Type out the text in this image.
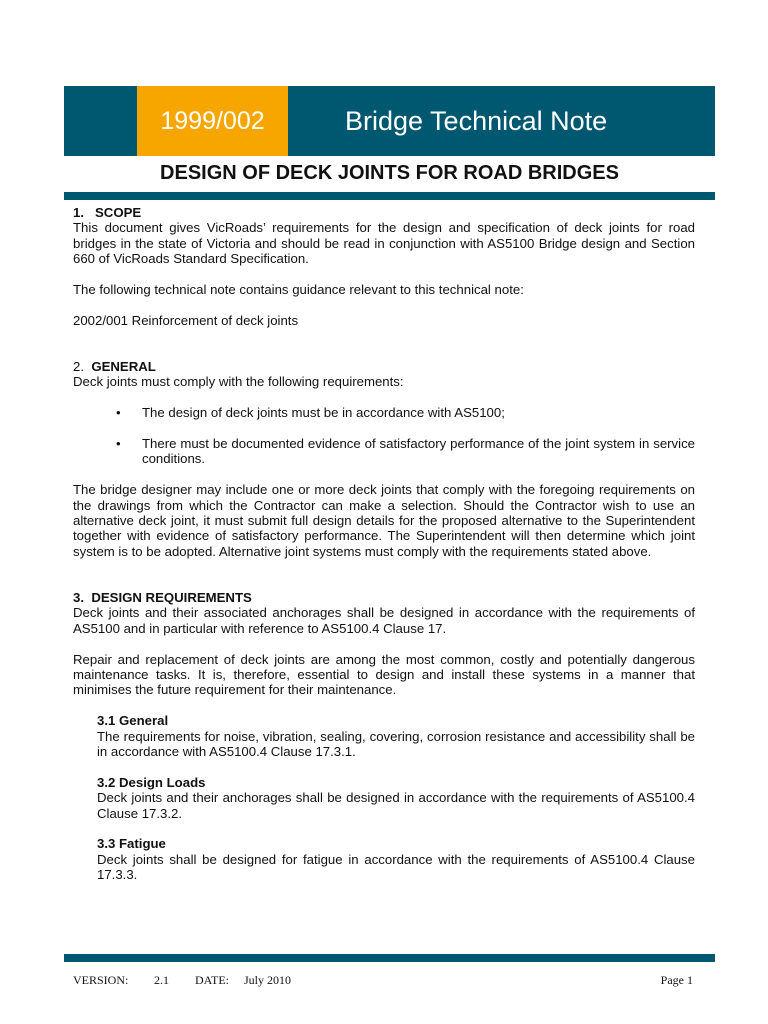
1999/002	Bridge Technical Note
DESIGN OF DECK JOINTS FOR ROAD BRIDGES
1. SCOPE

This document gives VicRoads’ requirements for the design and specification of deck joints for road bridges in the state of Victoria and should be read in conjunction with AS5100 Bridge design and Section 660 of VicRoads Standard Specification.

The following technical note contains guidance relevant to this technical note:

2002/001 Reinforcement of deck joints

2. GENERAL

Deck joints must comply with the following requirements:

• The design of deck joints must be in accordance with AS5100;
• There must be documented evidence of satisfactory performance of the joint system in service conditions.

The bridge designer may include one or more deck joints that comply with the foregoing requirements on the drawings from which the Contractor can make a selection. Should the Contractor wish to use an alternative deck joint, it must submit full design details for the proposed alternative to the Superintendent together with evidence of satisfactory performance. The Superintendent will then determine which joint system is to be adopted. Alternative joint systems must comply with the requirements stated above.

3. DESIGN REQUIREMENTS

Deck joints and their associated anchorages shall be designed in accordance with the requirements of AS5100 and in particular with reference to AS5100.4 Clause 17.

Repair and replacement of deck joints are among the most common, costly and potentially dangerous maintenance tasks. It is, therefore, essential to design and install these systems in a manner that minimises the future requirement for their maintenance.

3.1 General

The requirements for noise, vibration, sealing, covering, corrosion resistance and accessibility shall be in accordance with AS5100.4 Clause 17.3.1.

3.2 Design Loads

Deck joints and their anchorages shall be designed in accordance with the requirements of AS5100.4 Clause 17.3.2.

3.3 Fatigue

Deck joints shall be designed for fatigue in accordance with the requirements of AS5100.4 Clause 17.3.3.

VERSION: 2.1 DATE: July 2010	Page 1
